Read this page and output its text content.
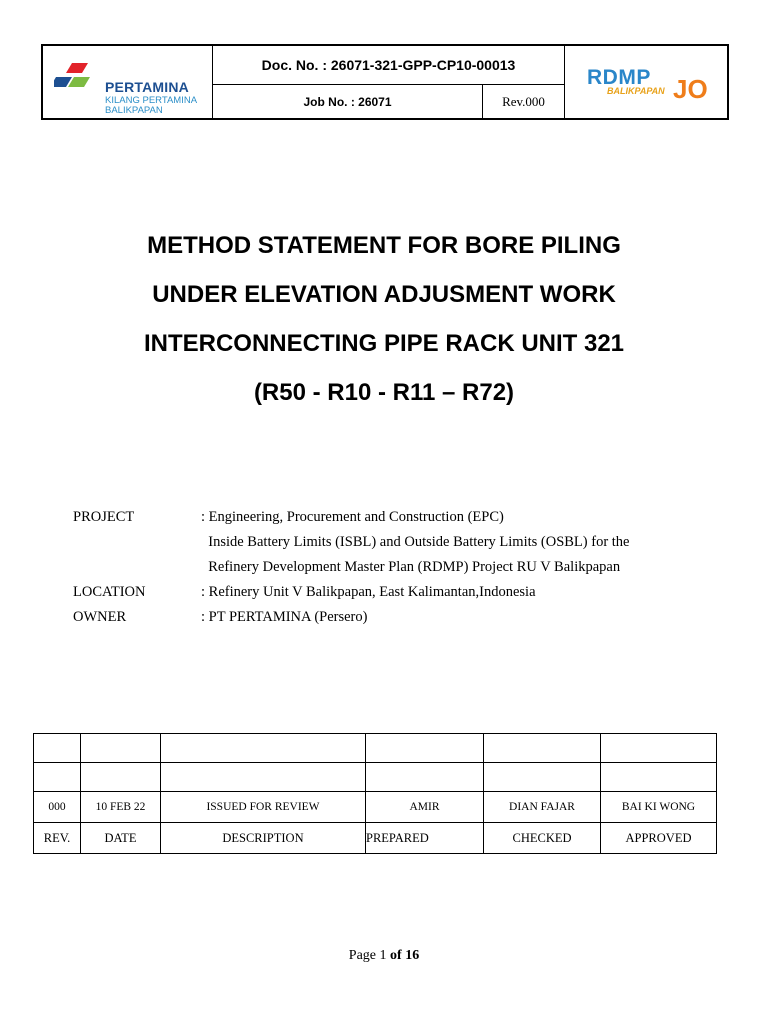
PERTAMINA
KILANG PERTAMINA
BALIKPAPAN
Doc. No. : 26071-321-GPP-CP10-00013
Job No. : 26071	Rev.000
RDMP
BALIKPAPAN JO
METHOD STATEMENT FOR BORE PILING
UNDER ELEVATION ADJUSMENT WORK
INTERCONNECTING PIPE RACK UNIT 321
(R50 - R10 - R11 – R72)
PROJECT	: Engineering, Procurement and Construction (EPC)
Inside Battery Limits (ISBL) and Outside Battery Limits (OSBL) for the
Refinery Development Master Plan (RDMP) Project RU V Balikpapan
LOCATION	: Refinery Unit V Balikpapan, East Kalimantan,Indonesia
OWNER	: PT PERTAMINA (Persero)

000	10 FEB 22	ISSUED FOR REVIEW	AMIR	DIAN FAJAR	BAI KI WONG
REV.	DATE	DESCRIPTION	PREPARED	CHECKED	APPROVED
Page 1 of 16
